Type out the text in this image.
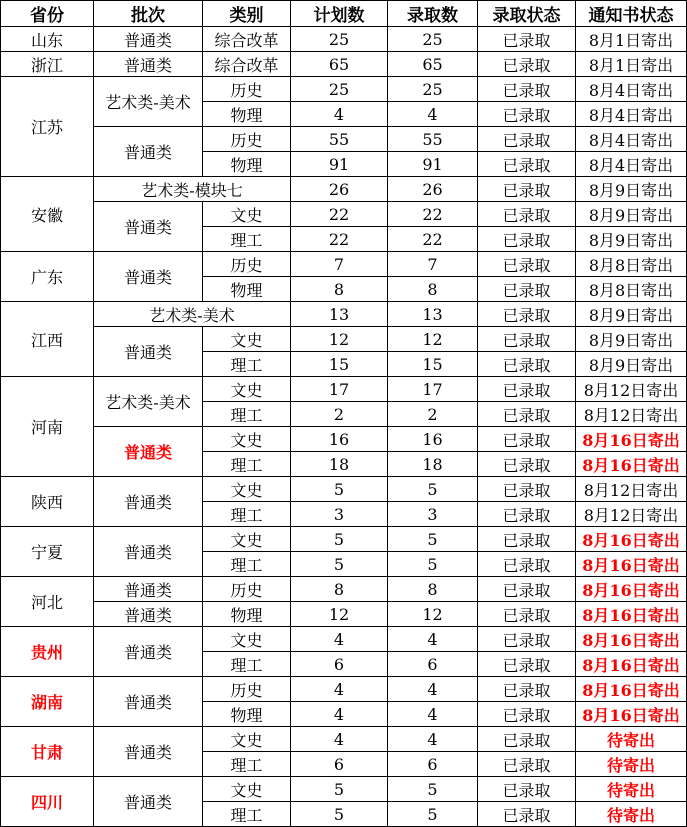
省份	批次	类别	计划数	录取数	录取状态	通知书状态
山东	普通类	综合改革	25	25	已录取	8月1日寄出
浙江	普通类	综合改革	65	65	已录取	8月1日寄出
江苏	艺术类-美术	历史	25	25	已录取	8月4日寄出
		物理	4	4	已录取	8月4日寄出
	普通类	历史	55	55	已录取	8月4日寄出
		物理	91	91	已录取	8月4日寄出
安徽	艺术类-模块七		26	26	已录取	8月9日寄出
	普通类	文史	22	22	已录取	8月9日寄出
		理工	22	22	已录取	8月9日寄出
广东	普通类	历史	7	7	已录取	8月8日寄出
		物理	8	8	已录取	8月8日寄出
江西	艺术类-美术		13	13	已录取	8月9日寄出
	普通类	文史	12	12	已录取	8月9日寄出
		理工	15	15	已录取	8月9日寄出
河南	艺术类-美术	文史	17	17	已录取	8月12日寄出
		理工	2	2	已录取	8月12日寄出
	普通类	文史	16	16	已录取	8月16日寄出
		理工	18	18	已录取	8月16日寄出
陕西	普通类	文史	5	5	已录取	8月12日寄出
		理工	3	3	已录取	8月12日寄出
宁夏	普通类	文史	5	5	已录取	8月16日寄出
		理工	5	5	已录取	8月16日寄出
河北	普通类	历史	8	8	已录取	8月16日寄出
	普通类	物理	12	12	已录取	8月16日寄出
贵州	普通类	文史	4	4	已录取	8月16日寄出
		理工	6	6	已录取	8月16日寄出
湖南	普通类	历史	4	4	已录取	8月16日寄出
		物理	4	4	已录取	8月16日寄出
甘肃	普通类	文史	4	4	已录取	待寄出
		理工	6	6	已录取	待寄出
四川	普通类	文史	5	5	已录取	待寄出
		理工	5	5	已录取	待寄出
